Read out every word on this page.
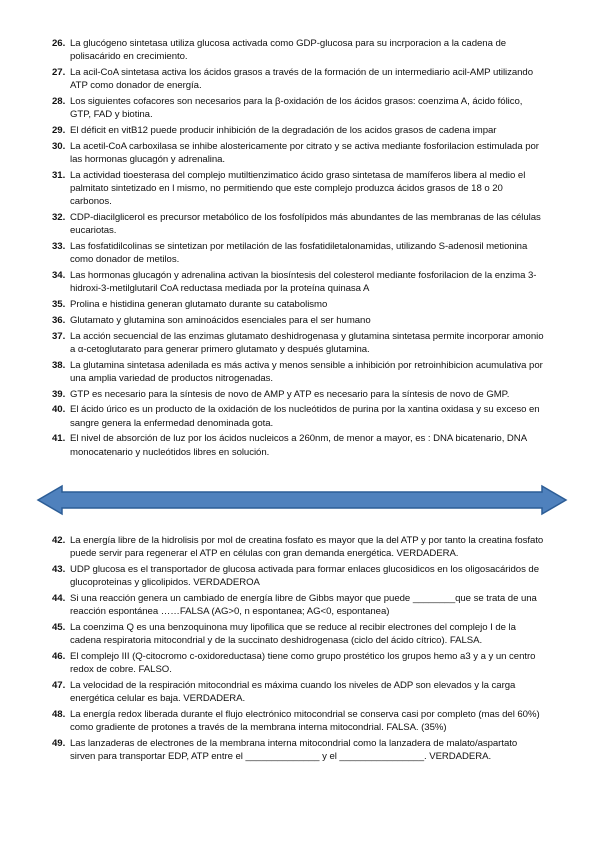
26. La glucógeno sintetasa utiliza glucosa activada como GDP-glucosa para su incrporacion a la cadena de polisacárido en crecimiento.
27. La acil-CoA sintetasa activa los ácidos grasos a través de la formación de un intermediario acil-AMP utilizando ATP como donador de energía.
28. Los siguientes cofacores son necesarios para la β-oxidación de los ácidos grasos: coenzima A, ácido fólico, GTP, FAD y biotina.
29. El déficit en vitB12 puede producir inhibición de la degradación de los acidos grasos de cadena impar
30. La acetil-CoA carboxilasa se inhibe alostericamente por citrato y se activa mediante fosforilacion estimulada por las hormonas glucagón y adrenalina.
31. La actividad tioesterasa del complejo mutiltienzimatico ácido graso sintetasa de mamíferos libera al medio el palmitato sintetizado en l mismo, no permitiendo que este complejo produzca ácidos grasos de 18 o 20 carbonos.
32. CDP-diacilglicerol es precursor metabólico de los fosfolípidos más abundantes de las membranas de las células eucariotas.
33. Las fosfatidilcolinas se sintetizan por metilación de las fosfatidiletalonamidas, utilizando S-adenosil metionina como donador de metilos.
34. Las hormonas glucagón y adrenalina activan la biosíntesis del colesterol mediante fosforilacion de la enzima 3-hidroxi-3-metilglutaril CoA reductasa mediada por la proteína quinasa A
35. Prolina e histidina generan glutamato durante su catabolismo
36. Glutamato y glutamina son aminoácidos esenciales para el ser humano
37. La acción secuencial de las enzimas glutamato deshidrogenasa y glutamina sintetasa permite incorporar amonio a α-cetoglutarato para generar primero glutamato y después glutamina.
38. La glutamina sintetasa adenilada es más activa y menos sensible a inhibición por retroinhibicion acumulativa por una amplia variedad de productos nitrogenadas.
39. GTP es necesario para la síntesis de novo de AMP y ATP es necesario para la síntesis de novo de GMP.
40. El ácido úrico es un producto de la oxidación de los nucleótidos de purina por la xantina oxidasa y su exceso en sangre genera la enfermedad denominada gota.
41. El nivel de absorción de luz por los ácidos nucleicos a 260nm, de menor a mayor, es : DNA bicatenario, DNA monocatenario y nucleótidos libres en solución.
42. La energía libre de la hidrolisis por mol de creatina fosfato es mayor que la del ATP y por tanto la creatina fosfato puede servir para regenerar el ATP en células con gran demanda energética. VERDADERA.
43. UDP glucosa es el transportador de glucosa activada para formar enlaces glucosidicos en los oligosacáridos de glucoproteinas y glicolipidos. VERDADEROA
44. Si una reacción genera un cambiado de energía libre de Gibbs mayor que puede ________que se trata de una reacción espontánea ……FALSA (AG>0, n espontanea; AG<0, espontanea)
45. La coenzima Q es una benzoquinona muy lipofilica que se reduce al recibir electrones del complejo I de la cadena respiratoria mitocondrial y de la succinato deshidrogenasa (ciclo del ácido cítrico). FALSA.
46. El complejo III (Q-citocromo c-oxidoreductasa) tiene como grupo prostético los grupos hemo a3 y a y un centro redox de cobre. FALSO.
47. La velocidad de la respiración mitocondrial es máxima cuando los niveles de ADP son elevados y la carga energética celular es baja. VERDADERA.
48. La energía redox liberada durante el flujo electrónico mitocondrial se conserva casi por completo (mas del 60%) como gradiente de protones a través de la membrana interna mitocondrial. FALSA. (35%)
49. Las lanzaderas de electrones de la membrana interna mitocondrial como la lanzadera de malato/aspartato sirven para transportar EDP, ATP entre el ______________ y el ________________. VERDADERA.
